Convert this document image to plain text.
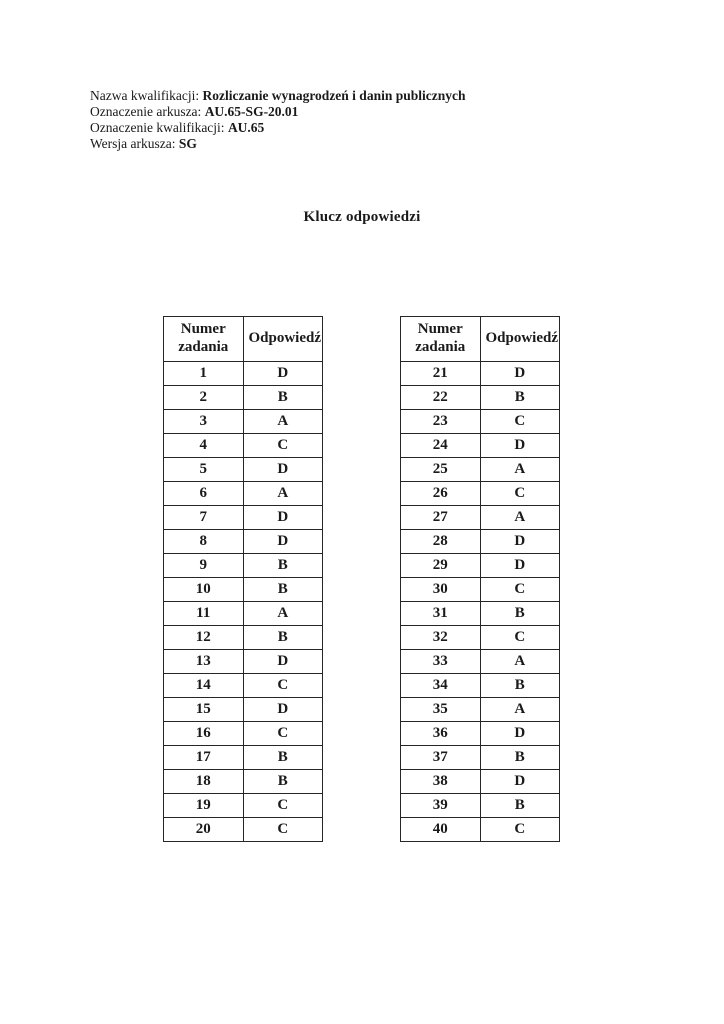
Nazwa kwalifikacji: Rozliczanie wynagrodzeń i danin publicznych
Oznaczenie arkusza: AU.65-SG-20.01
Oznaczenie kwalifikacji: AU.65
Wersja arkusza: SG
Klucz odpowiedzi
Numer zadania	Odpowiedź
1	D
2	B
3	A
4	C
5	D
6	A
7	D
8	D
9	B
10	B
11	A
12	B
13	D
14	C
15	D
16	C
17	B
18	B
19	C
20	C
Numer zadania	Odpowiedź
21	D
22	B
23	C
24	D
25	A
26	C
27	A
28	D
29	D
30	C
31	B
32	C
33	A
34	B
35	A
36	D
37	B
38	D
39	B
40	C
